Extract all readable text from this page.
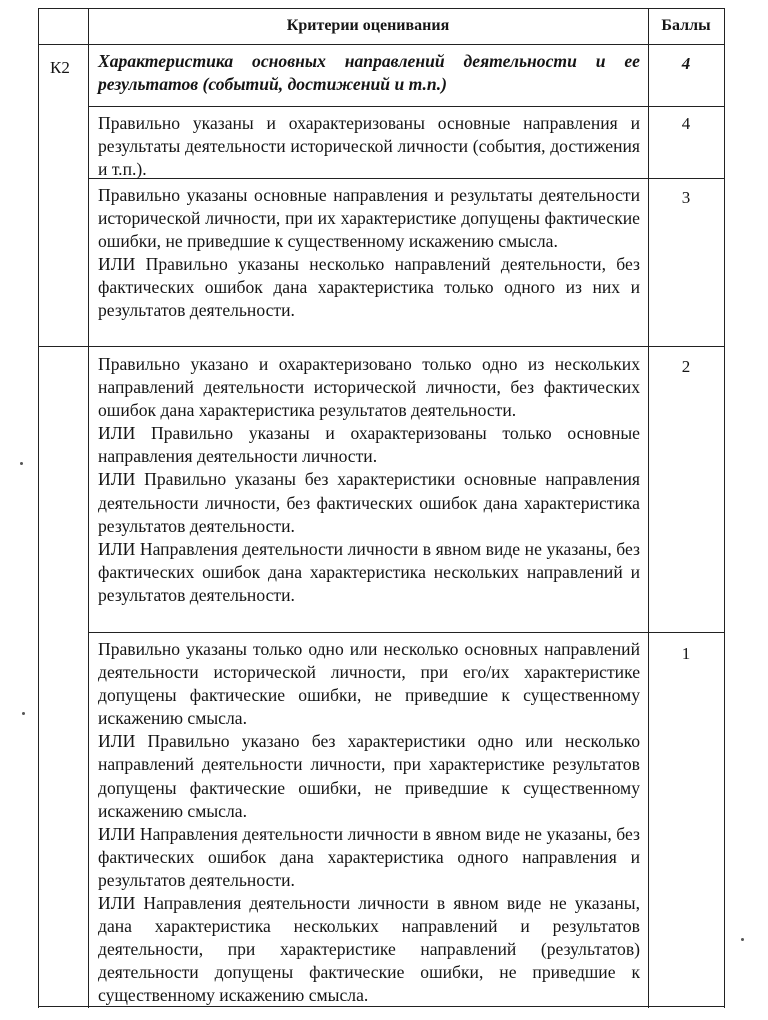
Критерии оценивания	Баллы
К2 Характеристика основных направлений деятельности и ее результатов (событий, достижений и т.п.)
4

Правильно указаны и охарактеризованы основные направления и результаты деятельности исторической личности (события, достижения и т.п.).

4

Правильно указаны основные направления и результаты деятельности исторической личности, при их характеристике допущены фактические ошибки, не приведшие к существенному искажению смысла.

ИЛИ Правильно указаны несколько направлений деятельности, без фактических ошибок дана характеристика только одного из них и результатов деятельности.

3

Правильно указано и охарактеризовано только одно из нескольких направлений деятельности исторической личности, без фактических ошибок дана характеристика результатов деятельности.

ИЛИ Правильно указаны и охарактеризованы только основные направления деятельности личности.

ИЛИ Правильно указаны без характеристики основные направления деятельности личности, без фактических ошибок дана характеристика результатов деятельности.

ИЛИ Направления деятельности личности в явном виде не указаны, без фактических ошибок дана характеристика нескольких направлений и результатов деятельности.

2

Правильно указаны только одно или несколько основных направлений деятельности исторической личности, при его/их характеристике допущены фактические ошибки, не приведшие к существенному искажению смысла.

ИЛИ Правильно указано без характеристики одно или несколько направлений деятельности личности, при характеристике результатов допущены фактические ошибки, не приведшие к существенному искажению смысла.

ИЛИ Направления деятельности личности в явном виде не указаны, без фактических ошибок дана характеристика одного направления и результатов деятельности.

ИЛИ Направления деятельности личности в явном виде не указаны, дана характеристика нескольких направлений и результатов деятельности, при характеристике направлений (результатов) деятельности допущены фактические ошибки, не приведшие к существенному искажению смысла.

1
